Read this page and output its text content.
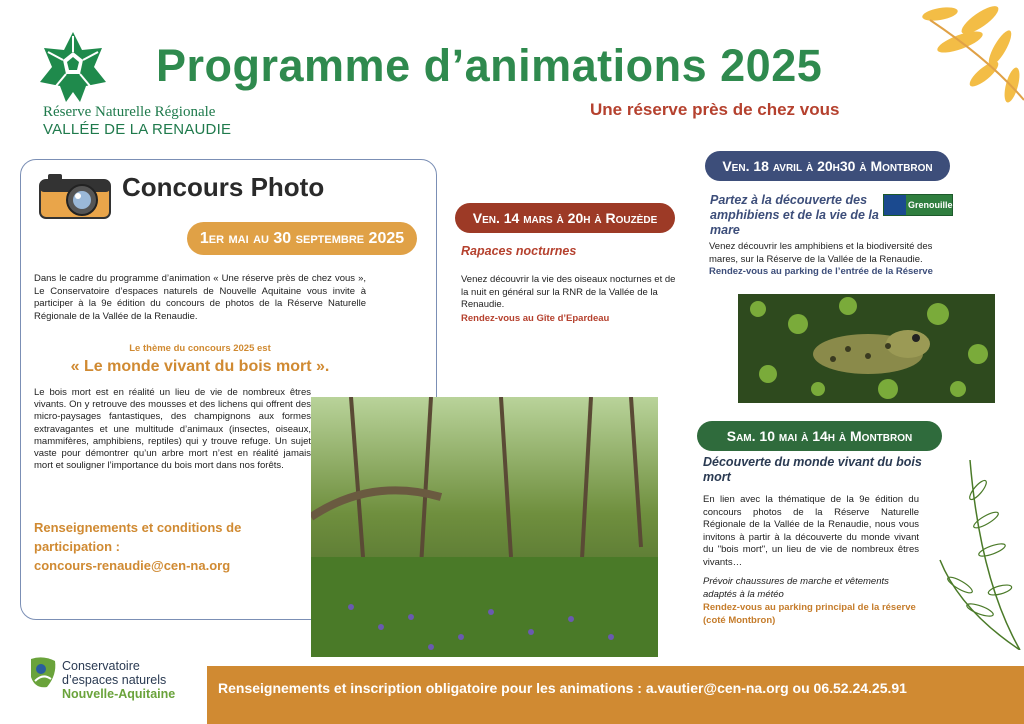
Réserve Naturelle Régionale
VALLÉE DE LA RENAUDIE
Programme d’animations 2025
Une réserve près de chez vous
Concours Photo
1er mai au 30 septembre 2025
Dans le cadre du programme d’animation « Une réserve près de chez vous », Le Conservatoire d’espaces naturels de Nouvelle Aquitaine vous invite à participer à la 9e édition du concours de photos de la Réserve Naturelle Régionale de la Vallée de la Renaudie.
Le thème du concours 2025 est
« Le monde vivant du bois mort ».
Le bois mort est en réalité un lieu de vie de nombreux êtres vivants. On y retrouve des mousses et des lichens qui offrent des micro-paysages fantastiques, des champignons aux formes extravagantes et une multitude d’animaux (insectes, oiseaux, mammifères, amphibiens, reptiles) qui y trouve refuge. Un sujet vaste pour démontrer qu’un arbre mort n’est en réalité jamais mort et souligner l’importance du bois mort dans nos forêts.
Renseignements et conditions de participation :
concours-renaudie@cen-na.org
Ven. 14 mars à 20h à Rouzède
Rapaces nocturnes
Venez découvrir la vie des oiseaux nocturnes et de la nuit en général sur la RNR de la Vallée de la Renaudie.
Rendez-vous au Gîte d’Epardeau
Ven. 18 avril à 20h30 à Montbron
Partez à la découverte des amphibiens et de la vie de la mare
Grenouille
Venez découvrir les amphibiens et la biodiversité des mares, sur la Réserve de la Vallée de la Renaudie.
Rendez-vous au parking de l’entrée de la Réserve
Sam. 10 mai à 14h à Montbron
Découverte du monde vivant du bois mort
En lien avec la thématique de la 9e édition du concours photos de la Réserve Naturelle Régionale de la Vallée de la Renaudie, nous vous invitons à partir à la découverte du monde vivant du "bois mort", un lieu de vie de nombreux êtres vivants…
Prévoir chaussures de marche et vêtements adaptés à la météo
Rendez-vous au parking principal de la réserve (coté Montbron)
Conservatoire
d’espaces naturels
Nouvelle-Aquitaine	Renseignements et inscription obligatoire pour les animations : a.vautier@cen-na.org ou 06.52.24.25.91
